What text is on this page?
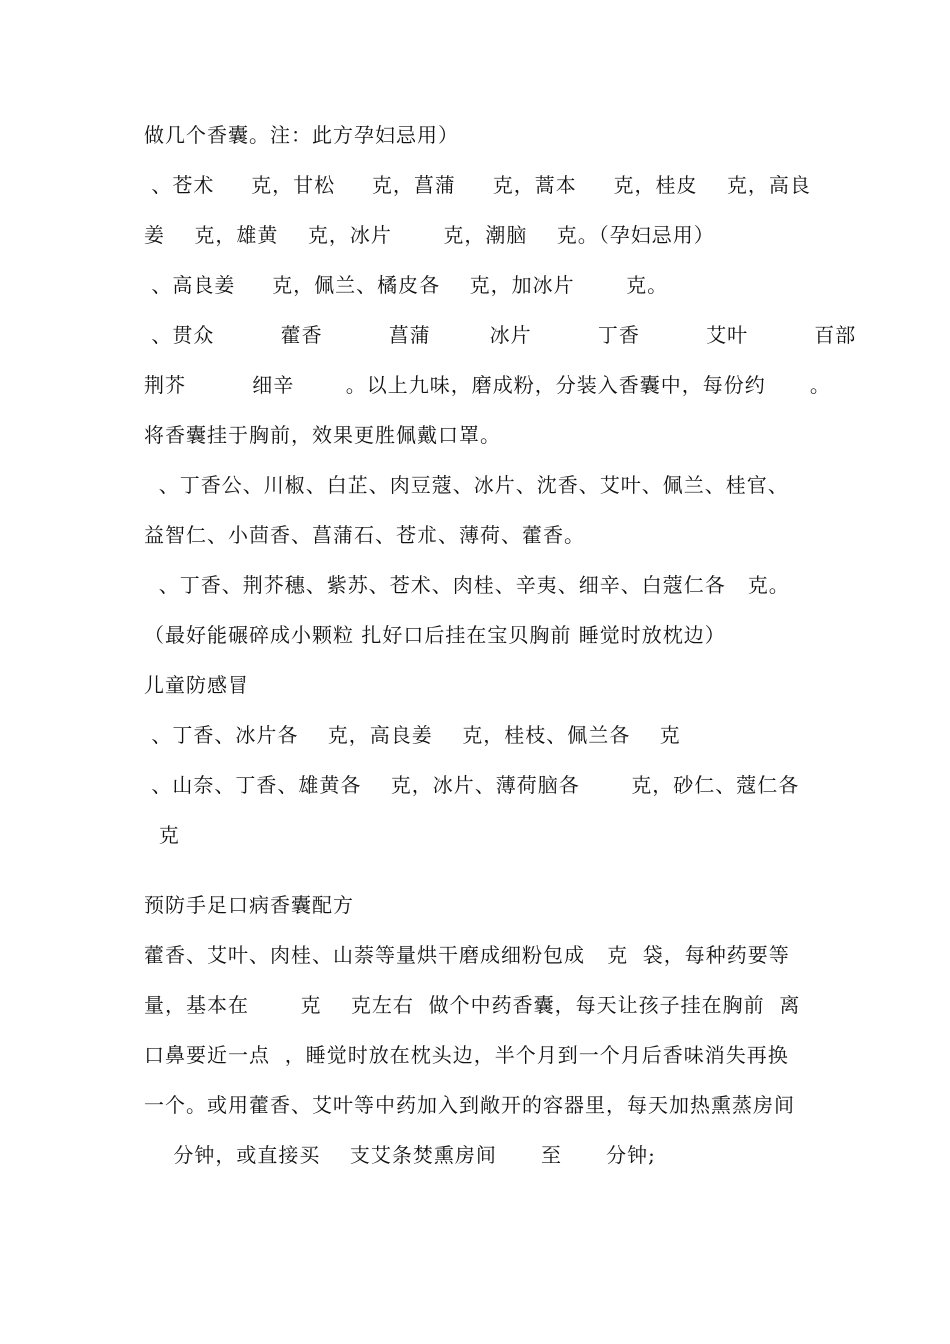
做几个香囊。注：此方孕妇忌用）
、苍术     克，甘松     克，菖蒲     克，蒿本     克，桂皮    克，高良
姜    克，雄黄    克，冰片       克，潮脑    克。（孕妇忌用）
、高良姜     克，佩兰、橘皮各    克，加冰片       克。
、贯众         藿香         菖蒲        冰片         丁香         艾叶         百部
荆芥         细辛       。以上九味，磨成粉，分装入香囊中，每份约      。
将香囊挂于胸前，效果更胜佩戴口罩。
、丁香公、川椒、白芷、肉豆蔻、冰片、沈香、艾叶、佩兰、桂官、
益智仁、小茴香、菖蒲石、苍朮、薄荷、藿香。
、丁香、荆芥穗、紫苏、苍术、肉桂、辛夷、细辛、白蔻仁各   克。
（最好能碾碎成小颗粒 扎好口后挂在宝贝胸前 睡觉时放枕边）
儿童防感冒
、丁香、冰片各    克，高良姜    克，桂枝、佩兰各    克
、山奈、丁香、雄黄各    克，冰片、薄荷脑各       克，砂仁、蔻仁各
克
预防手足口病香囊配方
藿香、艾叶、肉桂、山萘等量烘干磨成细粉包成   克  袋，每种药要等
量，基本在       克    克左右  做个中药香囊，每天让孩子挂在胸前  离
口鼻要近一点  ，睡觉时放在枕头边，半个月到一个月后香味消失再换
一个。或用藿香、艾叶等中药加入到敞开的容器里，每天加热熏蒸房间
分钟，或直接买    支艾条焚熏房间      至      分钟;
